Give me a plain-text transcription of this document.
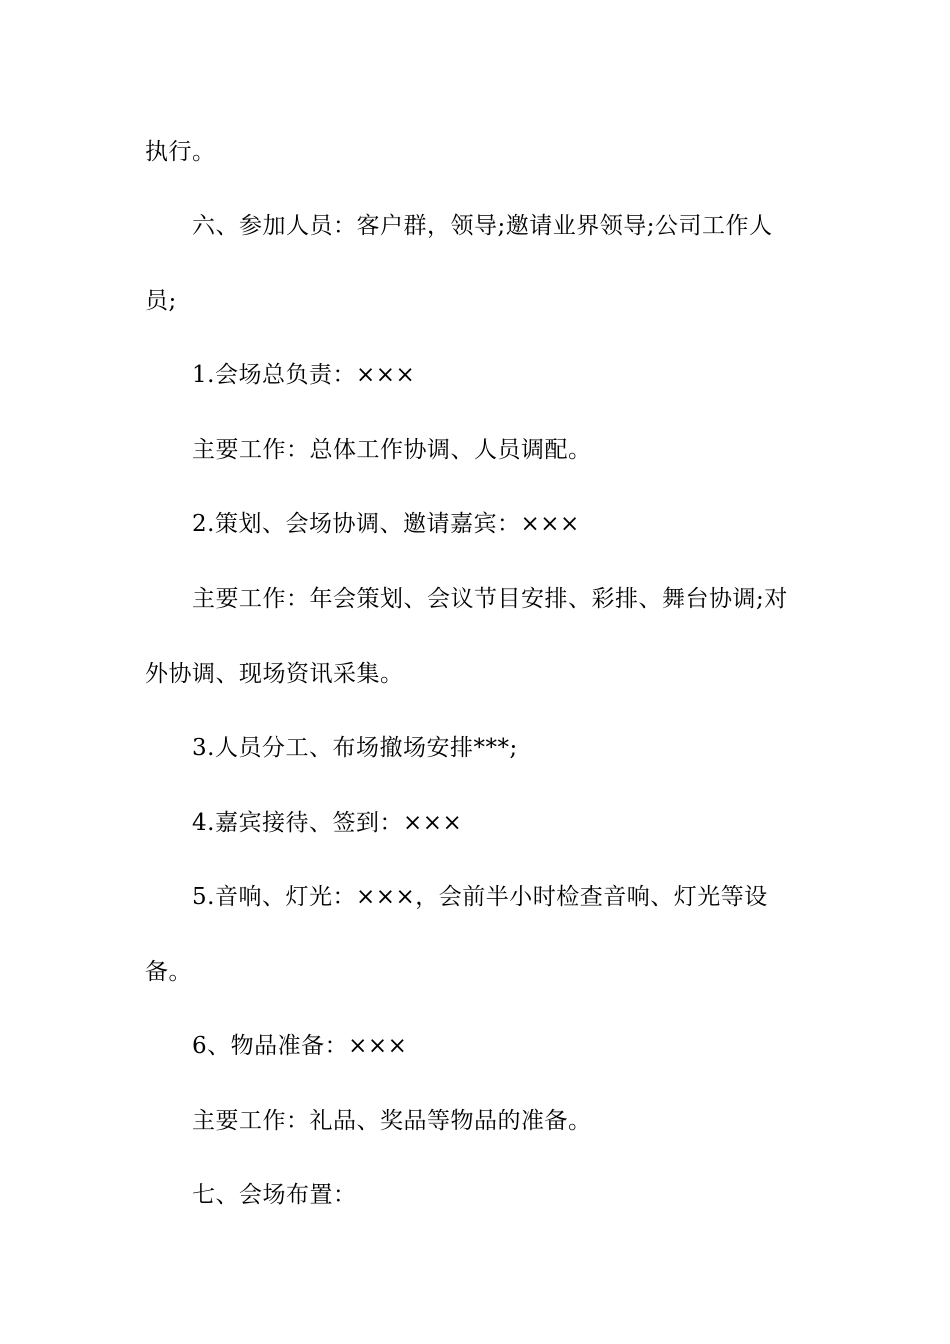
执行。
六、参加人员：客户群，领导;邀请业界领导;公司工作人
员;
1.会场总负责：×××
主要工作：总体工作协调、人员调配。
2.策划、会场协调、邀请嘉宾：×××
主要工作：年会策划、会议节目安排、彩排、舞台协调;对
外协调、现场资讯采集。
3.人员分工、布场撤场安排***;
4.嘉宾接待、签到：×××
5.音响、灯光：×××，会前半小时检查音响、灯光等设
备。
6、物品准备：×××
主要工作：礼品、奖品等物品的准备。
七、会场布置：
